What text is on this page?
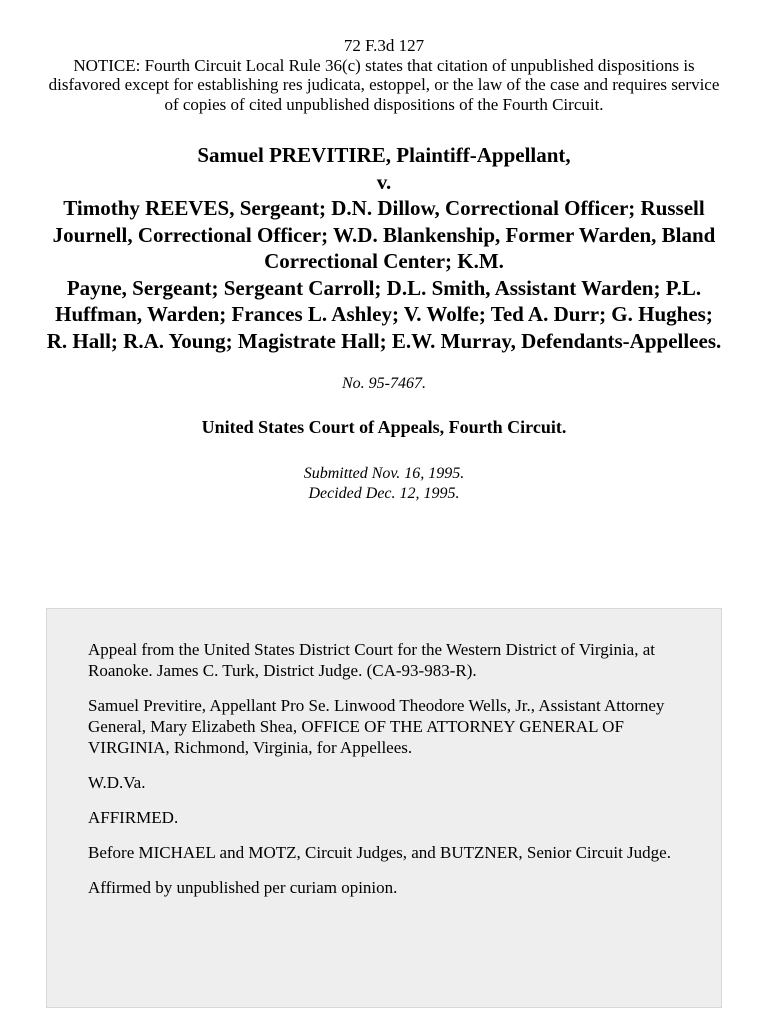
72 F.3d 127
NOTICE: Fourth Circuit Local Rule 36(c) states that citation of unpublished dispositions is disfavored except for establishing res judicata, estoppel, or the law of the case and requires service of copies of cited unpublished dispositions of the Fourth Circuit.
Samuel PREVITIRE, Plaintiff-Appellant,
v.
Timothy REEVES, Sergeant; D.N. Dillow, Correctional Officer; Russell Journell, Correctional Officer; W.D. Blankenship, Former Warden, Bland Correctional Center; K.M.
Payne, Sergeant; Sergeant Carroll; D.L. Smith, Assistant Warden; P.L. Huffman, Warden; Frances L. Ashley; V. Wolfe; Ted A. Durr; G. Hughes; R. Hall; R.A. Young; Magistrate Hall; E.W. Murray, Defendants-Appellees.
No. 95-7467.
United States Court of Appeals, Fourth Circuit.
Submitted Nov. 16, 1995.
Decided Dec. 12, 1995.

Appeal from the United States District Court for the Western District of Virginia, at Roanoke. James C. Turk, District Judge. (CA-93-983-R).

Samuel Previtire, Appellant Pro Se. Linwood Theodore Wells, Jr., Assistant Attorney General, Mary Elizabeth Shea, OFFICE OF THE ATTORNEY GENERAL OF VIRGINIA, Richmond, Virginia, for Appellees.

W.D.Va.

AFFIRMED.

Before MICHAEL and MOTZ, Circuit Judges, and BUTZNER, Senior Circuit Judge.

Affirmed by unpublished per curiam opinion.
